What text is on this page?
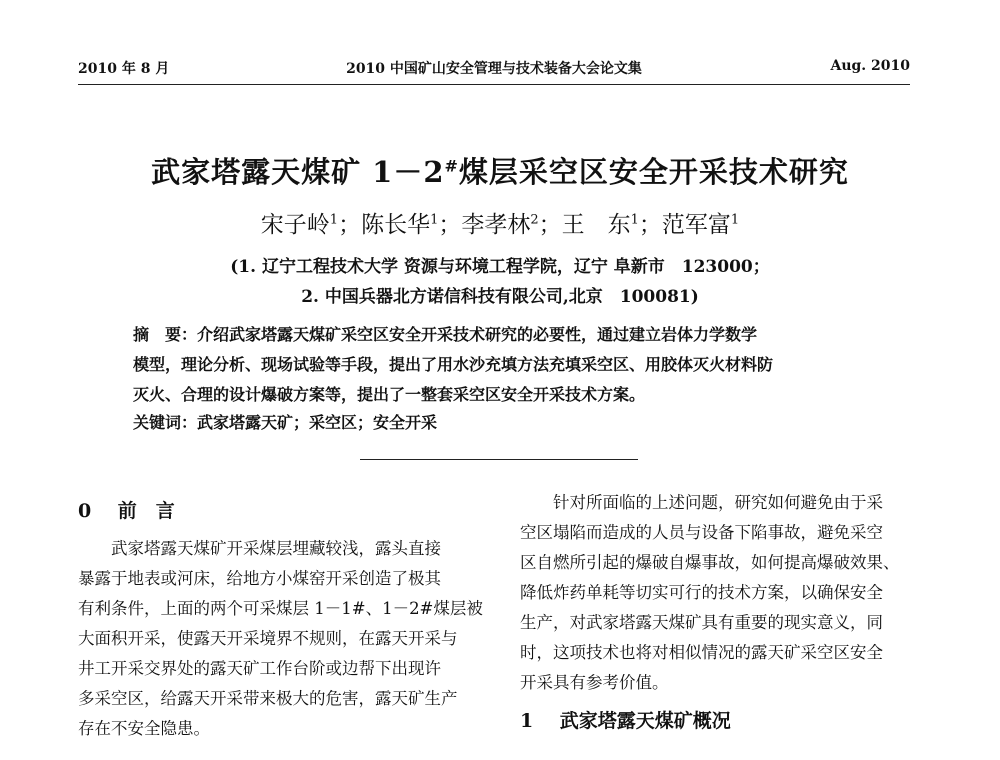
2010 年 8 月	2010 中国矿山安全管理与技术装备大会论文集	Aug. 2010
武家塔露天煤矿 1－2#煤层采空区安全开采技术研究
宋子岭$^1$；陈长华$^1$；李孝林$^2$；王　东$^1$；范军富$^1$
(1. 辽宁工程技术大学 资源与环境工程学院，辽宁 阜新市　123000；
2. 中国兵器北方诺信科技有限公司,北京　100081)

摘　要：介绍武家塔露天煤矿采空区安全开采技术研究的必要性，通过建立岩体力学数学

模型，理论分析、现场试验等手段，提出了用水沙充填方法充填采空区、用胶体灭火材料防

灭火、合理的设计爆破方案等，提出了一整套采空区安全开采技术方案。

关键词：武家塔露天矿；采空区；安全开采

0 前　言

武家塔露天煤矿开采煤层埋藏较浅，露头直接

暴露于地表或河床，给地方小煤窑开采创造了极其

有利条件，上面的两个可采煤层 1－1#、1－2#煤层被

大面积开采，使露天开采境界不规则，在露天开采与

井工开采交界处的露天矿工作台阶或边帮下出现许

多采空区，给露天开采带来极大的危害，露天矿生产

存在不安全隐患。

针对所面临的上述问题，研究如何避免由于采

空区塌陷而造成的人员与设备下陷事故，避免采空

区自燃所引起的爆破自爆事故，如何提高爆破效果、

降低炸药单耗等切实可行的技术方案，以确保安全

生产，对武家塔露天煤矿具有重要的现实意义，同

时，这项技术也将对相似情况的露天矿采空区安全

开采具有参考价值。

1 武家塔露天煤矿概况
